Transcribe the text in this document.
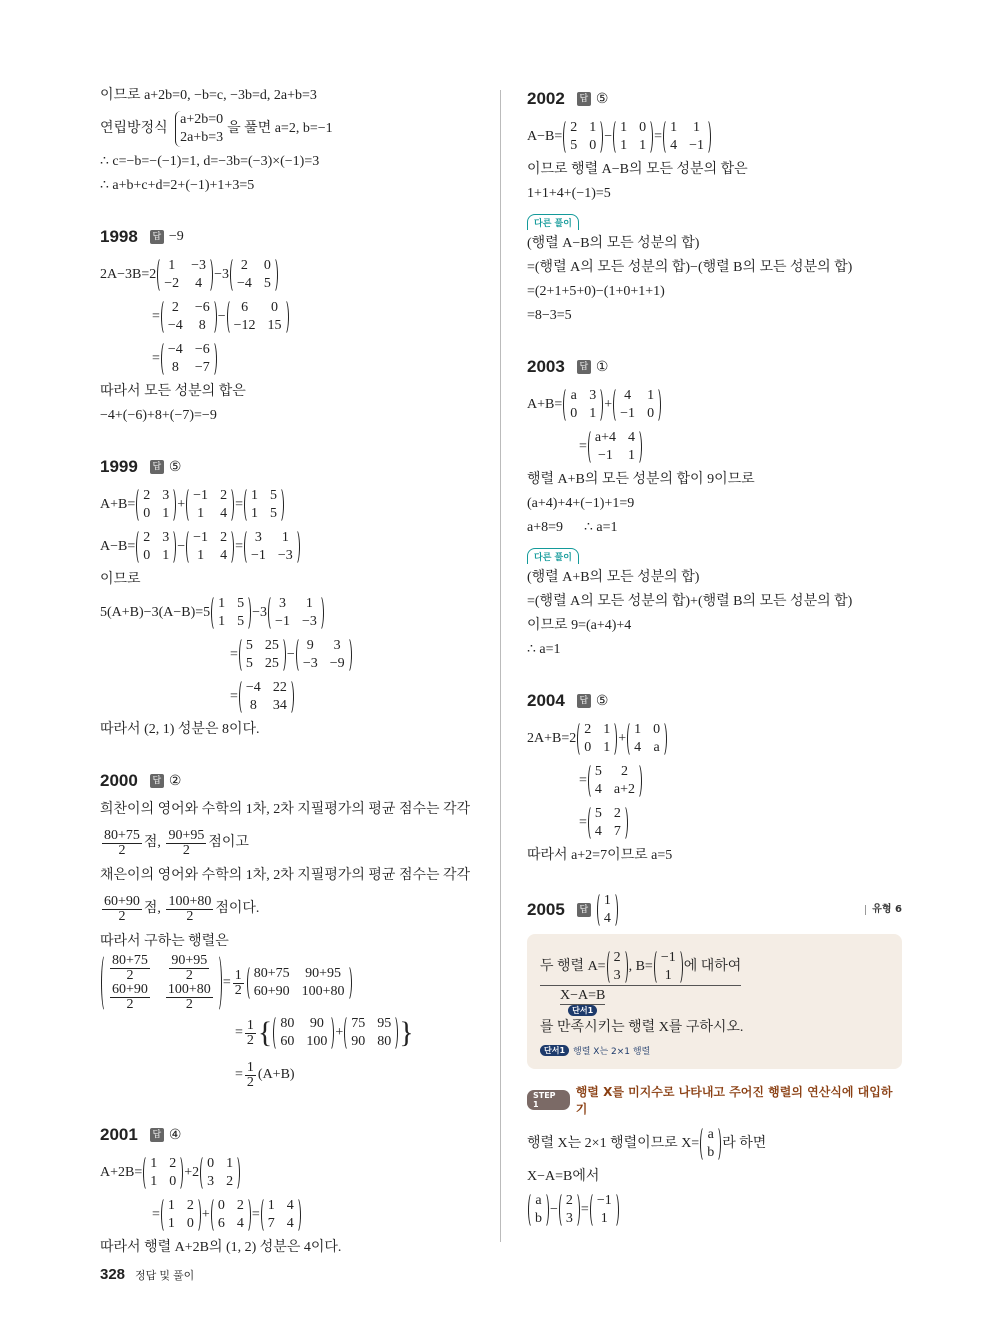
이므로 a+2b=0, −b=c, −3b=d, 2a+b=3
연립방정식
a+2b=0
2a+b=3
을 풀면 a=2, b=−1
∴ c=−b=−(−1)=1, d=−3b=(−3)×(−1)=3
∴ a+b+c+d=2+(−1)+1+3=5
1998 답 −9
2A−3B=2
1 −3
−2 4
−3
2 0
−4 5
=
2 −6
−4 8
−
6	0
−12 15
=
−4 −6
8 −7
따라서 모든 성분의 합은
−4+(−6)+8+(−7)=−9
1999 답 ⑤
A+B=
2 3
0 1
+
−1 2
1 4
=
1 5
1 5
A−B=
2 3
0 1
−
−1 2
1 4
=
3 1
−1 −3
이므로
5(A+B)−3(A−B)=5
1 5
1 5
−3
3 1
−1 −3
=
5 25
5 25
−
9 3
−3 −9
=
−4 22
8 34
따라서 (2, 1) 성분은 8이다.
2000 답 ②
희찬이의 영어와 수학의 1차, 2차 지필평가의 평균 점수는 각각
$\frac{80+75}{2}$ 점, $\frac{90+95}{2}$ 점이고
채은이의 영어와 수학의 1차, 2차 지필평가의 평균 점수는 각각
$\frac{60+90}{2}$ 점, $\frac{100+80}{2}$ 점이다.
따라서 구하는 행렬은
$\frac{80+75}{2} \frac{90+95}{2}$
$\frac{60+90}{2} \frac{100+80}{2}$
= $\frac{1}{2} 80+75$ 90+95
60+90 100+80
= $\frac{1}{2}$ { 80 90
60 100
+
75 95
90 80 }
= $\frac{1}{2} (A+B)$
2001 답 ④
A+2B=
1 2
1 0
+2
0 1
3 2
=
1 2
1 0
+
0 2
6 4
=
1 4
7 4
따라서 행렬 A+2B의 (1, 2) 성분은 4이다.
2002 답 ⑤
A−B=
2 1
5 0
−
1 0
1 1
=
1 1
4 −1
이므로 행렬 A−B의 모든 성분의 합은
1+1+4+(−1)=5
다른 풀이
(행렬 A−B의 모든 성분의 합)
=(행렬 A의 모든 성분의 합)−(행렬 B의 모든 성분의 합)
=(2+1+5+0)−(1+0+1+1)
=8−3=5
2003 답 ①
A+B=
a 3
0 1
+
4 1
−1 0
=
a+4 4
−1 1
행렬 A+B의 모든 성분의 합이 9이므로
(a+4)+4+(−1)+1=9
a+8=9      ∴ a=1
다른 풀이
(행렬 A+B의 모든 성분의 합)
=(행렬 A의 모든 성분의 합)+(행렬 B의 모든 성분의 합)
이므로 9=(a+4)+4
∴ a=1
2004 답 ⑤
2A+B=2
2 1
0 1
+
1 0
4 a
=
5	2
4 a+2
=
5 2
4 7
따라서 a+2=7이므로 a=5
2005 답
1
4
유형 6
두 행렬 A=
2
3
, B=
−1
1
에 대하여
X−A=B
단서1
를 만족시키는 행렬 X를 구하시오.
단서1 행렬 X는 2×1 행렬
STEP 1
행렬 X를 미지수로 나타내고 주어진 행렬의 연산식에 대입하기
행렬 X는 2×1 행렬이므로 X=
a
b
라 하면
X−A=B에서
a
b
−
2
3
=
−1
1
328 정답 및 풀이
